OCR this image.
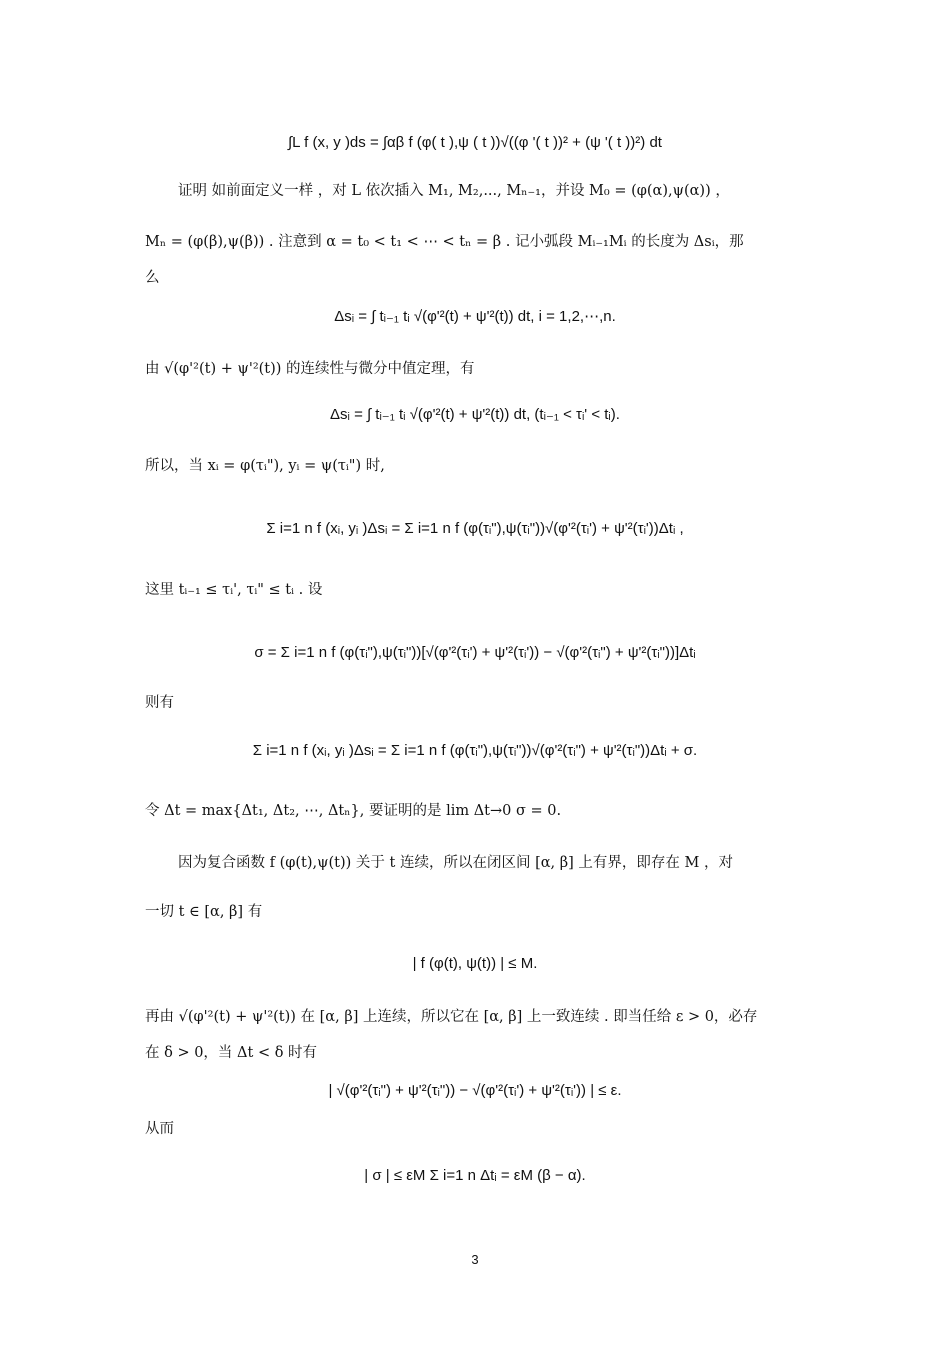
∫L f (x, y )ds = ∫αβ f (φ( t ),ψ ( t ))√((φ '( t ))² + (ψ '( t ))²) dt
证明 如前面定义一样 ，对 L 依次插入 M₁, M₂,..., Mₙ₋₁，并设 M₀ = (φ(α),ψ(α)) ，
Mₙ = (φ(β),ψ(β)) . 注意到 α = t₀ < t₁ < ⋯ < tₙ = β . 记小弧段 Mᵢ₋₁Mᵢ 的长度为 Δsᵢ，那
么
Δsᵢ = ∫ tᵢ₋₁ tᵢ √(φ'²(t) + ψ'²(t)) dt, i = 1,2,⋯,n.
由 √(φ'²(t) + ψ'²(t)) 的连续性与微分中值定理，有
Δsᵢ = ∫ tᵢ₋₁ tᵢ √(φ'²(t) + ψ'²(t)) dt, (tᵢ₋₁ < τᵢ' < tᵢ).
所以，当 xᵢ = φ(τᵢ"), yᵢ = ψ(τᵢ") 时,
Σ i=1 n f (xᵢ, yᵢ )Δsᵢ = Σ i=1 n f (φ(τᵢ"),ψ(τᵢ"))√(φ'²(τᵢ') + ψ'²(τᵢ'))Δtᵢ ,
这里 tᵢ₋₁ ≤ τᵢ', τᵢ" ≤ tᵢ . 设
σ = Σ i=1 n f (φ(τᵢ"),ψ(τᵢ"))[√(φ'²(τᵢ') + ψ'²(τᵢ')) − √(φ'²(τᵢ") + ψ'²(τᵢ"))]Δtᵢ
则有
Σ i=1 n f (xᵢ, yᵢ )Δsᵢ = Σ i=1 n f (φ(τᵢ"),ψ(τᵢ"))√(φ'²(τᵢ") + ψ'²(τᵢ"))Δtᵢ + σ.
令 Δt = max{Δt₁, Δt₂, ⋯, Δtₙ}, 要证明的是 lim Δt→0 σ = 0.
因为复合函数 f (φ(t),ψ(t)) 关于 t 连续，所以在闭区间 [α, β] 上有界，即存在 M ，对
一切 t ∈ [α, β] 有
| f (φ(t), ψ(t)) | ≤ M.
再由 √(φ'²(t) + ψ'²(t)) 在 [α, β] 上连续，所以它在 [α, β] 上一致连续 . 即当任给 ε > 0，必存
在 δ > 0，当 Δt < δ 时有
| √(φ'²(τᵢ") + ψ'²(τᵢ")) − √(φ'²(τᵢ') + ψ'²(τᵢ')) | ≤ ε.
从而
| σ | ≤ εM Σ i=1 n Δtᵢ = εM (β − α).
3
